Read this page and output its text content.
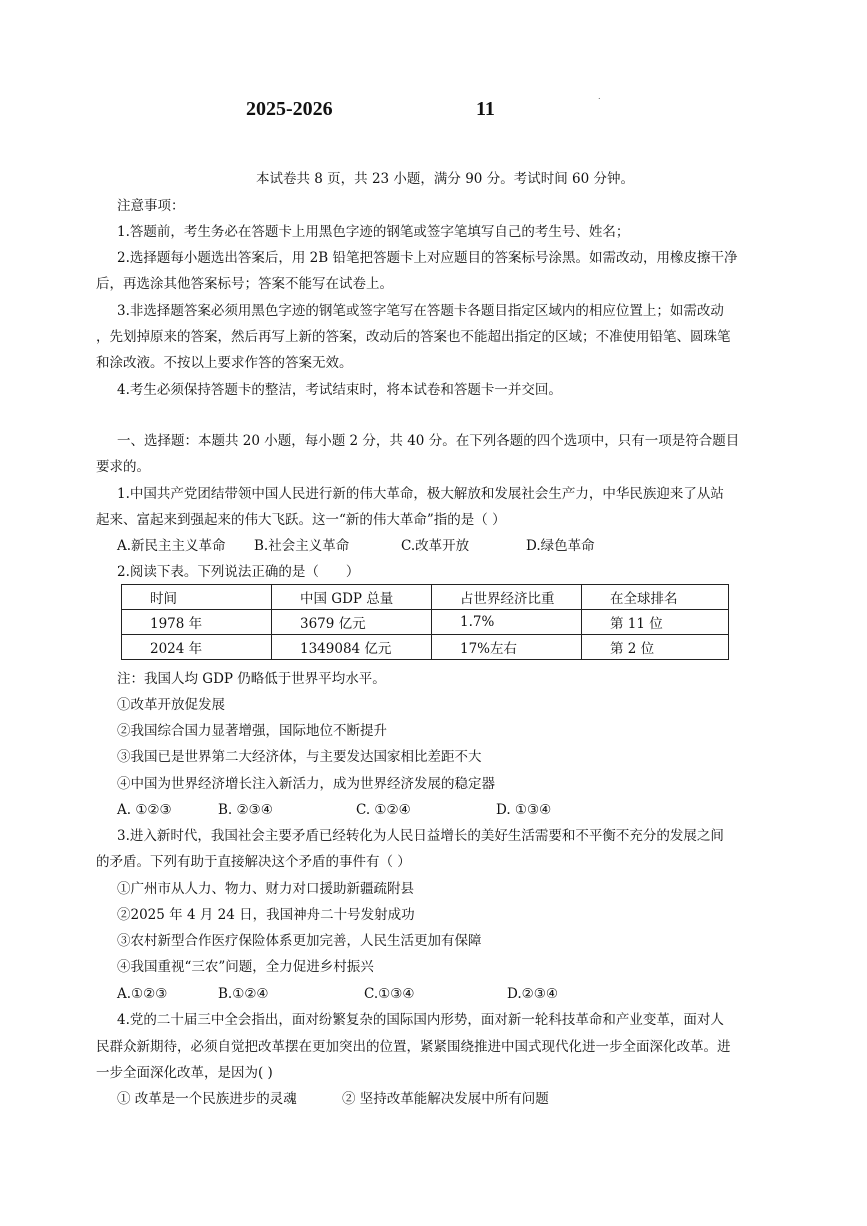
2025-2026	11
.
本试卷共 8 页，共 23 小题，满分 90 分。考试时间 60 分钟。
注意事项：
1.答题前，考生务必在答题卡上用黑色字迹的钢笔或签字笔填写自己的考生号、姓名；
2.选择题每小题选出答案后，用 2B 铅笔把答题卡上对应题目的答案标号涂黑。如需改动，用橡皮擦干净
后，再选涂其他答案标号；答案不能写在试卷上。
3.非选择题答案必须用黑色字迹的钢笔或签字笔写在答题卡各题目指定区域内的相应位置上；如需改动
，先划掉原来的答案，然后再写上新的答案，改动后的答案也不能超出指定的区域；不准使用铅笔、圆珠笔
和涂改液。不按以上要求作答的答案无效。
4.考生必须保持答题卡的整洁，考试结束时，将本试卷和答题卡一并交回。
一、选择题：本题共 20 小题，每小题 2 分，共 40 分。在下列各题的四个选项中，只有一项是符合题目
要求的。
1.中国共产党团结带领中国人民进行新的伟大革命，极大解放和发展社会生产力，中华民族迎来了从站
起来、富起来到强起来的伟大飞跃。这一“新的伟大革命”指的是（ ）
A.新民主主义革命 B.社会主义革命	C.改革开放	D.绿色革命
2.阅读下表。下列说法正确的是（　　）
时间	中国 GDP 总量	占世界经济比重	在全球排名
1978 年	3679 亿元	1.7%	第 11 位
2024 年	1349084 亿元	17%左右	第 2 位
注：我国人均 GDP 仍略低于世界平均水平。
①改革开放促发展
②我国综合国力显著增强，国际地位不断提升
③我国已是世界第二大经济体，与主要发达国家相比差距不大
④中国为世界经济增长注入新活力，成为世界经济发展的稳定器
A. ①②③	B. ②③④	C. ①②④	D. ①③④
3.进入新时代，我国社会主要矛盾已经转化为人民日益增长的美好生活需要和不平衡不充分的发展之间
的矛盾。下列有助于直接解决这个矛盾的事件有（ ）
①广州市从人力、物力、财力对口援助新疆疏附县
②2025 年 4 月 24 日，我国神舟二十号发射成功
③农村新型合作医疗保险体系更加完善，人民生活更加有保障
④我国重视“三农”问题，全力促进乡村振兴
A.①②③	B.①②④	C.①③④	D.②③④
4.党的二十届三中全会指出，面对纷繁复杂的国际国内形势，面对新一轮科技革命和产业变革，面对人
民群众新期待，必须自觉把改革摆在更加突出的位置，紧紧围绕推进中国式现代化进一步全面深化改革。进
一步全面深化改革，是因为( )
① 改革是一个民族进步的灵魂	② 坚持改革能解决发展中所有问题
